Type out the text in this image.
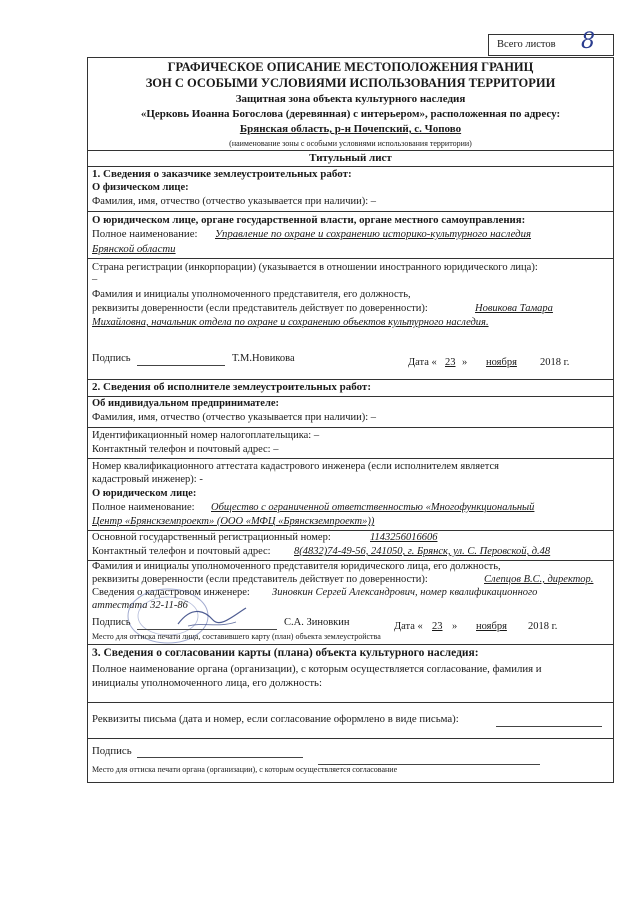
Всего листов 8
ГРАФИЧЕСКОЕ ОПИСАНИЕ МЕСТОПОЛОЖЕНИЯ ГРАНИЦ
ЗОН С ОСОБЫМИ УСЛОВИЯМИ ИСПОЛЬЗОВАНИЯ ТЕРРИТОРИИ
Защитная зона объекта культурного наследия
«Церковь Иоанна Богослова (деревянная) с интерьером», расположенная по адресу:
Брянская область, р-н Почепский, с. Чопово
(наименование зоны с особыми условиями использования территории)
Титульный лист
1. Сведения о заказчике землеустроительных работ:
О физическом лице:
Фамилия, имя, отчество (отчество указывается при наличии): –
О юридическом лице, органе государственной власти, органе местного самоуправления:
Полное наименование: Управление по охране и сохранению историко-культурного наследия
Брянской области
Страна регистрации (инкорпорации) (указывается в отношении иностранного юридического лица):
–
Фамилия и инициалы уполномоченного представителя, его должность,
реквизиты доверенности (если представитель действует по доверенности):	Новикова Тамара
Михайловна, начальник отдела по охране и сохранению объектов культурного наследия.
Подпись	Т.М.Новикова	Дата « 23 » ноября 2018 г.
2. Сведения об исполнителе землеустроительных работ:
Об индивидуальном предпринимателе:
Фамилия, имя, отчество (отчество указывается при наличии): –
Идентификационный номер налогоплательщика: –
Контактный телефон и почтовый адрес: –
Номер квалификационного аттестата кадастрового инженера (если исполнителем является
кадастровый инженер): -
О юридическом лице:
Полное наименование: Общество с ограниченной ответственностью «Многофункциональный
Центр «Брянскземпроект» (ООО «МФЦ «Брянскземпроект»))
Основной государственный регистрационный номер:	1143256016606
Контактный телефон и почтовый адрес: 8(4832)74-49-56, 241050, г. Брянск, ул. С. Перовской, д.48
Фамилия и инициалы уполномоченного представителя юридического лица, его должность,
реквизиты доверенности (если представитель действует по доверенности):	Слепцов В.С., директор.
Сведения о кадастровом инженере: Зиновкин Сергей Александрович, номер квалификационного
аттестата 32-11-86
Подпись	С.А. Зиновкин	Дата « 23 » ноября 2018 г.
Место для оттиска печати лица, составившего карту (план) объекта землеустройства
3. Сведения о согласовании карты (плана) объекта культурного наследия:
Полное наименование органа (организации), с которым осуществляется согласование, фамилия и
инициалы уполномоченного лица, его должность:
Реквизиты письма (дата и номер, если согласование оформлено в виде письма):
Подпись
Место для оттиска печати органа (организации), с которым осуществляется согласование
